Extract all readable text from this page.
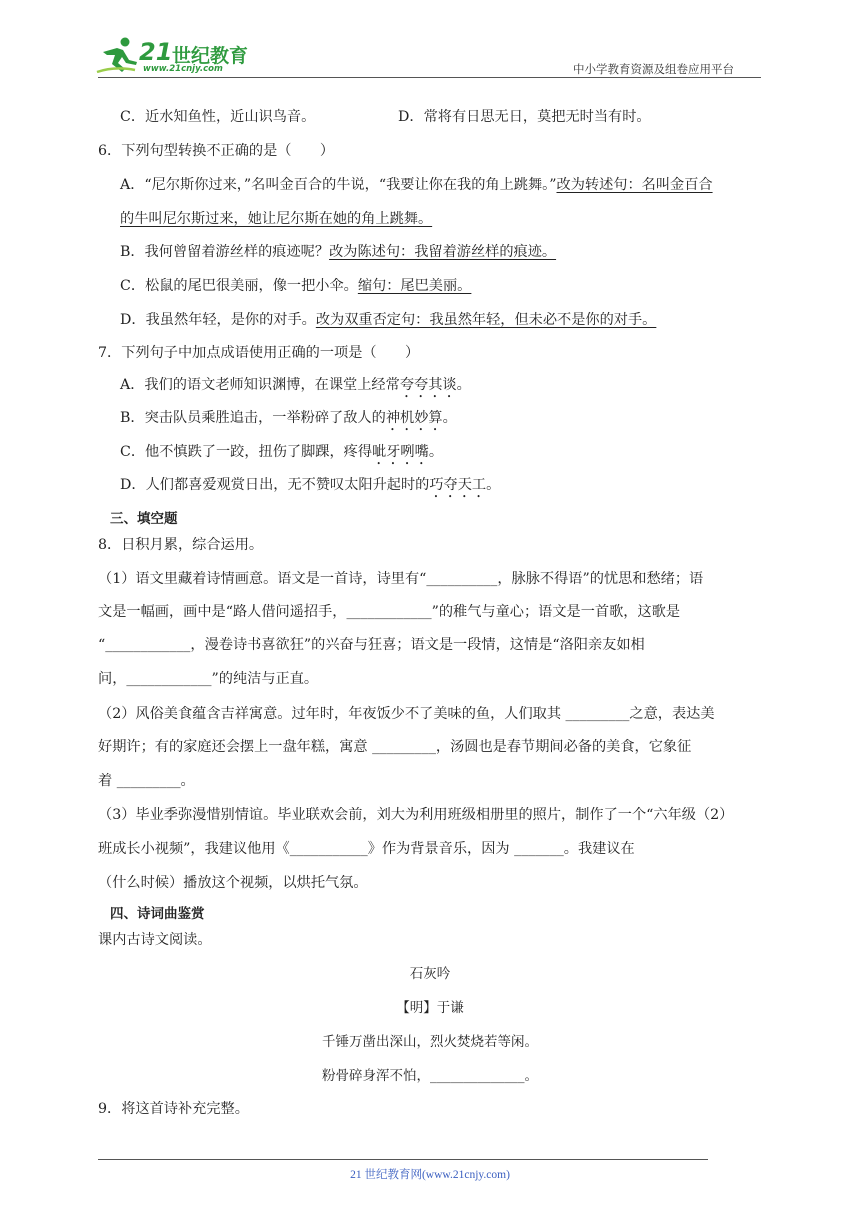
21 世纪教育
www.21cnjy.com	中小学教育资源及组卷应用平台
C．近水知鱼性，近山识鸟音。	D．常将有日思无日，莫把无时当有时。
6．下列句型转换不正确的是（　　）
A．“尼尔斯你过来，”名叫金百合的牛说，“我要让你在我的角上跳舞。”改为转述句：名叫金百合
的牛叫尼尔斯过来，她让尼尔斯在她的角上跳舞。
B．我何曾留着游丝样的痕迹呢？改为陈述句：我留着游丝样的痕迹。
C．松鼠的尾巴很美丽，像一把小伞。缩句：尾巴美丽。
D．我虽然年轻，是你的对手。改为双重否定句：我虽然年轻，但未必不是你的对手。
7．下列句子中加点成语使用正确的一项是（　　）
A．我们的语文老师知识渊博，在课堂上经常夸夸其谈。
B．突击队员乘胜追击，一举粉碎了敌人的神机妙算。
C．他不慎跌了一跤，扭伤了脚踝，疼得呲牙咧嘴。
D．人们都喜爱观赏日出，无不赞叹太阳升起时的巧夺天工。
三、填空题
8．日积月累，综合运用。
（1）语文里藏着诗情画意。语文是一首诗，诗里有“__________，脉脉不得语”的忧思和愁绪；语
文是一幅画，画中是“路人借问遥招手，____________”的稚气与童心；语文是一首歌，这歌是
“____________，漫卷诗书喜欲狂”的兴奋与狂喜；语文是一段情，这情是“洛阳亲友如相
问，____________”的纯洁与正直。
（2）风俗美食蕴含吉祥寓意。过年时，年夜饭少不了美味的鱼，人们取其 _________之意，表达美
好期许；有的家庭还会摆上一盘年糕，寓意 _________，汤圆也是春节期间必备的美食，它象征
着 _________。
（3）毕业季弥漫惜别情谊。毕业联欢会前，刘大为利用班级相册里的照片，制作了一个“六年级（2）
班成长小视频”，我建议他用《___________》作为背景音乐，因为 _______。我建议在
（什么时候）播放这个视频，以烘托气氛。
四、诗词曲鉴赏
课内古诗文阅读。
石灰吟
【明】于谦
千锤万凿出深山，烈火焚烧若等闲。
粉骨碎身浑不怕，______________。
9．将这首诗补充完整。
21 世纪教育网(www.21cnjy.com)
